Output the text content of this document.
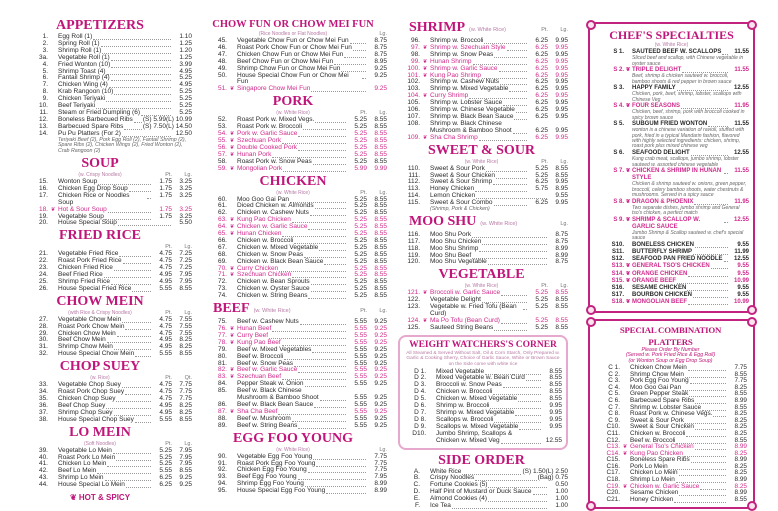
APPETIZERS
1. Egg Roll (1)	1.10
2. Spring Roll (1)	1.25
3. Shrimp Roll (1)	1.20
3a. Vegetable Roll (1)	1.25
4. Fried Wonton (10)	3.99
5. Shrimp Toast (4)	4.95
6. Fantail Shrimp (4)	5.25
7. Chicken Wing (4)	4.95
8. Krab Rangoon (10)	5.25
9. Chicken Teriyaki	5.25
10. Beef Teriyaki	5.25
11. Steam or Fried Dumpling (6)	5.25
12. Boneless Barbecued Ribs (S) 5.99 (L) 10.99
13. Barbecued Spare Ribs	(S) 7.50 (L) 14.50
14. Pu Pu Platters (For 2)	12.50
Teriyaki Beef (2), Pork Egg Roll (2), Fantail Shrimp (2), Spare Ribs (2), Chicken Wings (2), Fried Wonton (2), Crab Rangoon (2)
SOUP
(w. Crispy Noodles)	Pt. Lg.
15. Wonton Soup	1.75	3.25
16. Chicken Egg Drop Soup	1.75	3.25
17. Chicken Rice or Noodles Soup
1.75	3.25
18. ❦ Hot & Sour Soup	1.75	3.25
19. Vegetable Soup	1.75	3.25
20. House Special Soup	5.50
FRIED RICE
Pt. Lg.
21. Vegetable Fried Rice	4.75	7.25
22. Roast Pork Fried Rice	4.75	7.25
23. Chicken Fried Rice	4.75	7.25
24. Beef Fried Rice	4.95	7.95
25. Shrimp Fried Rice	4.95	7.95
26. House Special Fried Rice	5.55	8.55
CHOW MEIN
(with Rice & Crispy Noodles)	Pt. Lg.
27. Vegetable Chow Mein	4.75	7.55
28. Roast Pork Chow Mein	4.75	7.55
29. Chicken Chow Mein	4.75	7.55
30. Beef Chow Mein	4.95	8.25
31. Shrimp Chow Mein	4.95	8.25
32. House Special Chow Mein	5.55	8.55
CHOP SUEY
(w. Rice)	Pt. Qt.
33. Vegetable Chop Suey	4.75	7.75
34. Roast Pork Chop Suey	4.75	7.75
35. Chicken Chop Suey	4.75	7.75
36. Beef Chop Suey	4.95	8.25
37. Shrimp Chop Suey	4.95	8.25
38. House Special Chop Suey	5.55	8.55
LO MEIN
(Soft Noodles)	Pt. Lg.
39. Vegetable Lo Mein	5.25	7.95
40. Roast Pork Lo Mein	5.25	7.95
41. Chicken Lo Mein	5.25	7.95
42. Beef Lo Mein	5.55	8.55
43. Shrimp Lo Mein	6.25	9.25
44. House Special Lo Mein	6.25	9.25
❦ HOT & SPICY
CHOW FUN OR CHOW MEI FUN
(Rice Noodles or Flat Noodles)	Lg.
45. Vegetable Chow Fun or Chow Mei Fun	8.75
46. Roast Pork Chow Fun or Chow Mei Fun	8.75
47. Chicken Chow Fun or Chow Mei Fun	8.75
48. Beef Chow Fun or Chow Mei Fun	8.95
49. Shrimp Chow Fun or Chow Mei Fun	9.25
50. House Special Chow Fun or Chow Mei Fun
9.25
51. ❦ Singapore Chow Mei Fun	9.25
PORK
(w. White Rice)	Pt. Lg.
52. Roast Pork w. Mixed Vegs.	5.25	8.55
53. Roast Pork w. Broccoli	5.25	8.55
54. ❦ Pork w. Garlic Sauce	5.25	8.55
55. ❦ Szechuan Pork	5.25	8.55
56. ❦ Double Cooked Pork	5.25	8.55
57. ❦ Hunan Pork	5.25	8.55
58. Roast Pork w. Snow Peas	5.25	8.55
59. ❦ Mongolian Pork	5.99	9.99
CHICKEN
(w. White Rice)	Pt. Lg.
60. Moo Goo Gai Pan	5.25	8.55
61. Diced Chicken w. Almonds	5.25	8.55
62. Chicken w. Cashew Nuts	5.25	8.55
63. ❦ Kung Pao Chicken	5.25	8.55
64. ❦ Chicken w. Garlic Sauce	5.25	8.55
65. ❦ Hunan Chicken	5.25	8.55
66. Chicken w. Broccoli	5.25	8.55
67. Chicken w. Mixed Vegetable	5.25	8.55
68. Chicken w. Snow Peas	5.25	8.55
69. Chicken w. Black Bean Sauce	5.25	8.55
70. ❦ Curry Chicken	5.25	8.55
71. ❦ Szechuan Chicken	5.25	8.55
72. Chicken w. Bean Sprouts	5.25	8.55
73. Chicken w. Oyster Sauce	5.25	8.55
74. Chicken w. String Beans	5.25	8.55
BEEF (w. White Rice)	Pt. Lg.
75. Beef w. Cashew Nuts	5.55	9.25
76. ❦ Hunan Beef	5.55	9.25
77. ❦ Curry Beef	5.55	9.25
78. ❦ Kung Pao Beef	5.55	9.25
79. Beef w. Mixed Vegetables	5.55	9.25
80. Beef w. Broccoli	5.55	9.25
81. Beef w. Snow Peas	5.55	9.25
82. ❦ Beef w. Garlic Sauce	5.55	9.25
83. ❦ Szechuan Beef	5.55	9.25
84. Pepper Steak w. Onion	5.55	9.25
85. Beef w. Black Chinese
Mushroom & Bamboo Shoot	5.55	9.25
86. Beef w. Black Bean Sauce	5.55	9.25
87. ❦ Sha Cha Beef	5.55	9.25
88. Beef w. Mushroom	5.55	9.25
89. Beef w. String Beans	5.55	9.25
EGG FOO YOUNG
(w. White Rice)	Lg.
90. Vegetable Egg Foo Young	7.75
91. Roast Pork Egg Foo Young	7.75
92. Chicken Egg Foo Young	7.75
93. Beef Egg Foo Young	7.95
94. Shrimp Egg Foo Young	8.99
95. House Special Egg Foo Young	8.99
SHRIMP (w. White Rice)	Pt. Lg.
96. Shrimp w. Broccoli	6.25	9.95
97. ❦ Shrimp w. Szechuan Style	6.25	9.95
98. Shrimp w. Snow Peas	6.25	9.95
99. ❦ Hunan Shrimp	6.25	9.95
100. ❦ Shrimp w. Garlic Sauce	6.25	9.95
101. ❦ Kung Pao Shrimp	6.25	9.95
102. Shrimp w. Cashew Nuts	6.25	9.95
103. Shrimp w. Mixed Vegetable	6.25	9.95
104. ❦ Curry Shrimp	6.25	9.95
105. Shrimp w. Lobster Sauce	6.25	9.95
106. Shrimp w. Chinese Vegetable	6.25	9.95
107. Shrimp w. Black Bean Sauce	6.25	9.95
108. Shrimp w. Black Chinese
Mushroom & Bamboo Shoot	6.25	9.95
109. ❦ Sha Cha Shrimp	6.25	9.95
SWEET & SOUR
(w. White Rice)	Pt. Lg.
110. Sweet & Sour Pork	5.25	8.55
111. Sweet & Sour Chicken	5.25	8.55
112. Sweet & Sour Shrimp	6.25	9.95
113. Honey Chicken	5.75	8.95
114. Lemon Chicken	9.55
115. Sweet & Sour Combo	6.25	9.95
(Shrimp, Pork & Chicken)
MOO SHU (w. White Rice)	Lg.
116. Moo Shu Pork	8.75
117. Moo Shu Chicken	8.75
118. Moo Shu Shrimp	8.99
119. Moo Shu Beef	8.99
120. Moo Shu Vegetable	8.75
VEGETABLE
(w. White Rice)	Pt. Lg.
121. ❦ Broccoli w. Garlic Sauce	5.25	8.55
122. Vegetable Delight	5.25	8.55
123. Vegetable w. Fried Tofu (Bean Curd)
5.25	8.55
124. ❦ Ma Po Tofu (Bean Curd)	5.25	8.55
125. Sauteed String Beans	5.25	8.55
WEIGHT WATCHERS'S CORNER
All Steamed & Served Without Salt, Oil & Corn Starch, Only Prepared w. Garlic & Cooking Sherry, Choice of Garlic Sauce, White or Brown Sauce on the Side come with white rice
D 1. Mixed Vegetable	8.55
D 2. Mixed Vegetable w. Bean Curd	8.55
D 3. Broccoli w. Snow Peas	8.55
D 4. Chicken w. Broccoli	8.55
D 5. Chicken w. Mixed Vegetable	8.55
D 6. Shrimp w. Broccoli	9.95
D 7. Shrimp w. Mixed Vegetable	9.95
D 8. Scallops w. Broccoli	9.95
D 9. Scallops w. Mixed Vegetable	9.95
D10. Jumbo Shrimp, Scallops &
Chicken w. Mixed Veg	12.55
SIDE ORDER
A. White Rice	(S) 1.50 (L) 2.50
B. Crispy Noodles	(Bag) 0.75
C. Fortune Cookies (5)	0.50
D. Half Pint of Mustard or Duck Sauce	1.00
E. Almond Cookies (4)	1.00
F. Ice Tea	1.00
CHEF'S SPECIALTIES
(w. White Rice)
S 1. SAUTEED BEEF W. SCALLOPS	11.55
Sliced beef and scallop, with Chinese vegetable in oyster sauce
S 2. ❦ TRIPLE DELIGHT	11.55
Beef, shrimp & chicken sauteed w. broccoli, bamboo shoots & red pepper in brown sauce
S 3. HAPPY FAMILY	12.55
Chicken, pork, beef, shrimp, lobster, scallops with Chinese Veg
S 4. ❦ FOUR SEASONS	11.95
Chicken, beef, shrimp, pork with broccoli cooked in spicy brown sauce
S 5. SUBGUM FRIED WONTON	11.55
wonton is a chinese variation of ravioli, stuffed with pork, fried in a typical Mandarin fashion, flavored with highly selected ingredients: chicken, shrimp, roast pork plus mixed chinese veg
S 6. SEAFOOD DELIGHT	12.55
Kung crab meat, scallops, jumbo shrimp, lobster sauteed w. assorted chinese vegetable
S 7. ❦ CHICKEN & SHRIMP IN HUNAN STYLE
11.55
Chicken & shrimp sauteed w. onions, green pepper, broccoli, celery bamboo shoots, water chestnuts & mushrooms. Served in a spicy sauce
S 8. ❦ DRAGON & PHOENIX	11.95
Two separate dishes, jumbo shrimp and General tso's chicken, a perfect match
S 9. ❦ SHRIMP & SCALLOP W. GARLIC SAUCE
12.55
Jumbo Shrimp & Scallop sauteed w. chef's special sauce
S10. BONELESS CHICKEN	9.55
S11. BUTTERFLY SHRIMP	11.99
S12. SEAFOOD PAN FRIED NOODLE	12.55
S13. ❦ GENERAL TSO'S CHICKEN	9.55
S14. ❦ ORANGE CHICKEN	9.55
S15. ❦ ORANGE BEEF	10.99
S16. SESAME CHICKEN	9.55
S17. BOURBON CHICKEN	9.55
S18. ❦ MONGOLIAN BEEF	10.99
SPECIAL COMBINATION PLATTERS
Please Order By Number
(Served w. Pork Fried Rice & Egg Roll)
(or Wonton Soup or Egg Drop Soup)
C 1. Chicken Chow Mein	7.75
C 2. Shrimp Chow Mein	8.55
C 3. Pork Egg Foo Young	7.75
C 4. Moo Goo Gai Pan	8.25
C 5. Green Pepper Steak	8.55
C 6. Barbecued Spare Ribs	8.99
C 7. Shrimp w. Lobster Sauce	8.55
C 8. Roast Pork w. Chinese Vegs.	8.25
C 9. Sweet & Sour Pork	8.25
C10. Sweet & Sour Chicken	8.25
C11. Chicken w. Broccoli	8.25
C12. Beef w. Broccoli	8.55
C13. ❦ General Tso's Chicken	8.99
C14. ❦ Kung Pao Chicken	8.25
C15. Boneless Spare Ribs	8.99
C16. Pork Lo Mein	8.25
C17. Chicken Lo Mein	8.25
C18. Shrimp Lo Mein	8.99
C19. ❦ Chicken w. Garlic Sauce	8.25
C20. Sesame Chicken	8.99
C21. Honey Chicken	8.55
